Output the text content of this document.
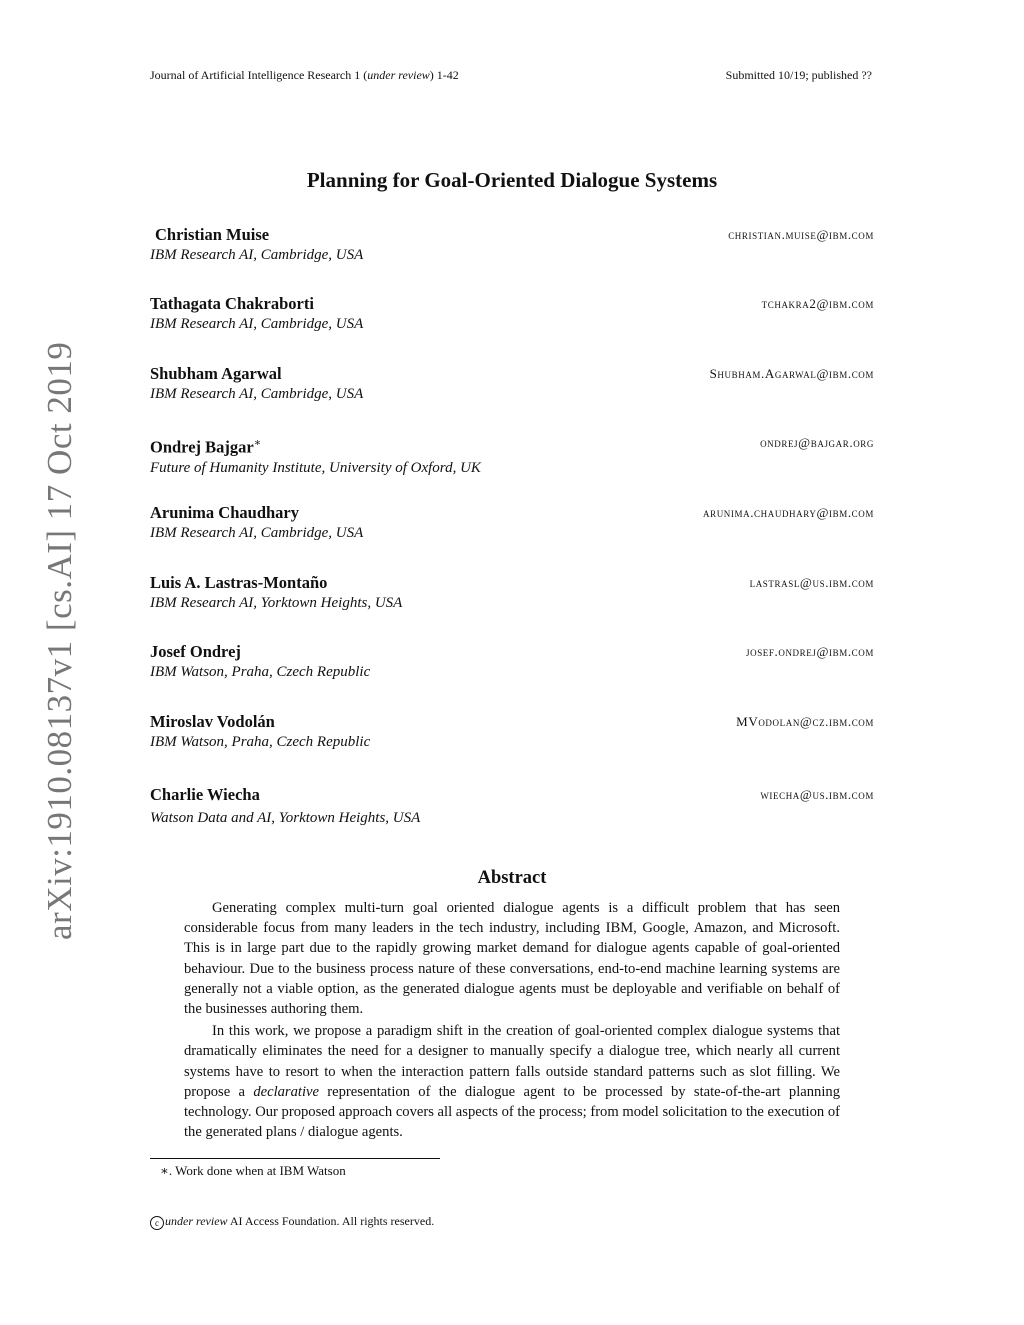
Journal of Artificial Intelligence Research 1 (under review) 1-42	Submitted 10/19; published ??
arXiv:1910.08137v1 [cs.AI] 17 Oct 2019
Planning for Goal-Oriented Dialogue Systems
Christian Muise
IBM Research AI, Cambridge, USA
christian.muise@ibm.com
Tathagata Chakraborti
IBM Research AI, Cambridge, USA
tchakra2@ibm.com
Shubham Agarwal
IBM Research AI, Cambridge, USA
Shubham.Agarwal@ibm.com
Ondrej Bajgar∗
Future of Humanity Institute, University of Oxford, UK
ondrej@bajgar.org
Arunima Chaudhary
IBM Research AI, Cambridge, USA
arunima.chaudhary@ibm.com
Luis A. Lastras-Montaño
IBM Research AI, Yorktown Heights, USA
lastrasl@us.ibm.com
Josef Ondrej
IBM Watson, Praha, Czech Republic
josef.ondrej@ibm.com
Miroslav Vodolán
IBM Watson, Praha, Czech Republic
MVodolan@cz.ibm.com
Charlie Wiecha
Watson Data and AI, Yorktown Heights, USA
wiecha@us.ibm.com
Abstract

Generating complex multi-turn goal oriented dialogue agents is a difficult problem that has seen considerable focus from many leaders in the tech industry, including IBM, Google, Amazon, and Microsoft. This is in large part due to the rapidly growing market demand for dialogue agents capable of goal-oriented behaviour. Due to the business process nature of these conversations, end-to-end machine learning systems are generally not a viable option, as the generated dialogue agents must be deployable and verifiable on behalf of the businesses authoring them.

In this work, we propose a paradigm shift in the creation of goal-oriented complex dialogue systems that dramatically eliminates the need for a designer to manually specify a dialogue tree, which nearly all current systems have to resort to when the interaction pattern falls outside standard patterns such as slot filling. We propose a declarative representation of the dialogue agent to be processed by state-of-the-art planning technology. Our proposed approach covers all aspects of the process; from model solicitation to the execution of the generated plans / dialogue agents.

∗. Work done when at IBM Watson
c under review AI Access Foundation. All rights reserved.
